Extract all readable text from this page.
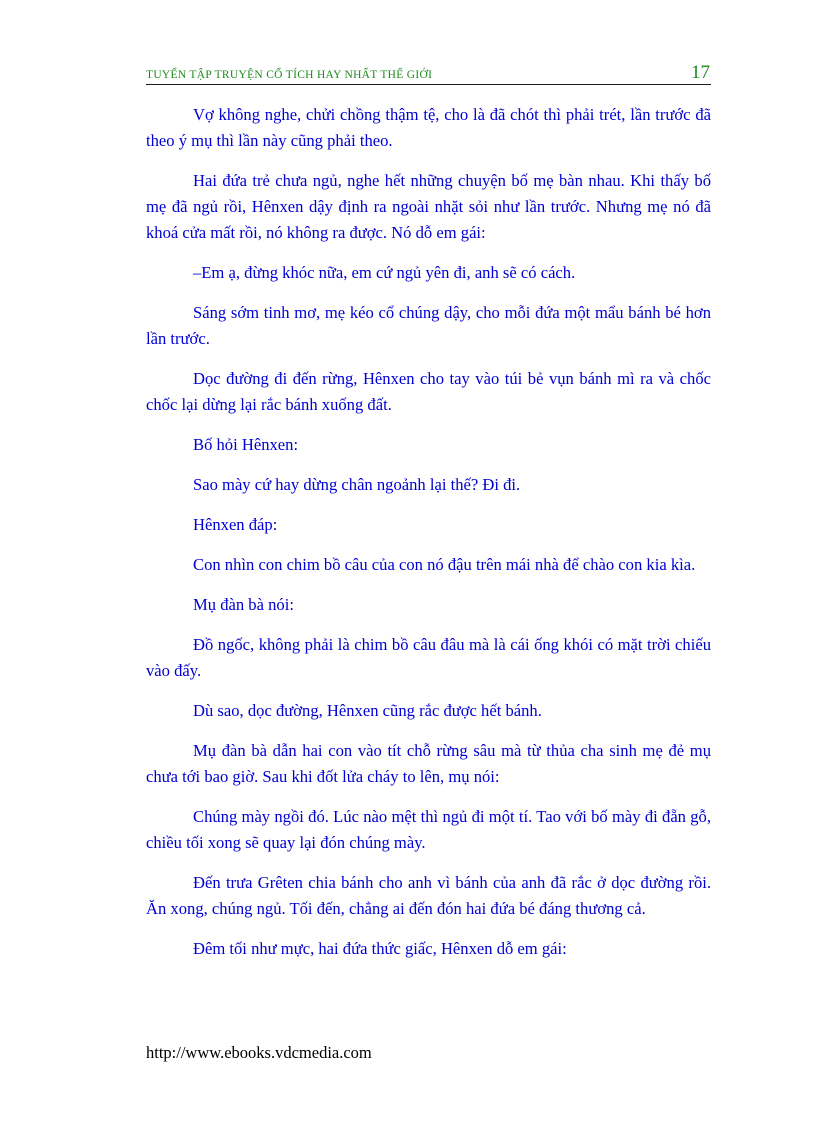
TUYỂN TẬP TRUYỆN CỔ TÍCH HAY NHẤT THẾ GIỚI	17

Vợ không nghe, chửi chồng thậm tệ, cho là đã chót thì phải trét, lần trước đã theo ý mụ thì lần này cũng phải theo.

Hai đứa trẻ chưa ngủ, nghe hết những chuyện bố mẹ bàn nhau. Khi thấy bố mẹ đã ngủ rồi, Hênxen dậy định ra ngoài nhặt sỏi như lần trước. Nhưng mẹ nó đã khoá cửa mất rồi, nó không ra được. Nó dỗ em gái:

–Em ạ, đừng khóc nữa, em cứ ngủ yên đi, anh sẽ có cách.

Sáng sớm tinh mơ, mẹ kéo cổ chúng dậy, cho mỗi đứa một mẩu bánh bé hơn lần trước.

Dọc đường đi đến rừng, Hênxen cho tay vào túi bẻ vụn bánh mì ra và chốc chốc lại dừng lại rắc bánh xuống đất.

Bố hỏi Hênxen:

Sao mày cứ hay dừng chân ngoảnh lại thế? Đi đi.

Hênxen đáp:

Con nhìn con chim bồ câu của con nó đậu trên mái nhà để chào con kia kìa.

Mụ đàn bà nói:

Đồ ngốc, không phải là chim bồ câu đâu mà là cái ống khói có mặt trời chiếu vào đấy.

Dù sao, dọc đường, Hênxen cũng rắc được hết bánh.

Mụ đàn bà dẫn hai con vào tít chỗ rừng sâu mà từ thủa cha sinh mẹ đẻ mụ chưa tới bao giờ. Sau khi đốt lửa cháy to lên, mụ nói:

Chúng mày ngồi đó. Lúc nào mệt thì ngủ đi một tí. Tao với bố mày đi đẵn gỗ, chiều tối xong sẽ quay lại đón chúng mày.

Đến trưa Grêten chia bánh cho anh vì bánh của anh đã rắc ở dọc đường rồi. Ăn xong, chúng ngủ. Tối đến, chẳng ai đến đón hai đứa bé đáng thương cả.

Đêm tối như mực, hai đứa thức giấc, Hênxen dỗ em gái:

http://www.ebooks.vdcmedia.com
